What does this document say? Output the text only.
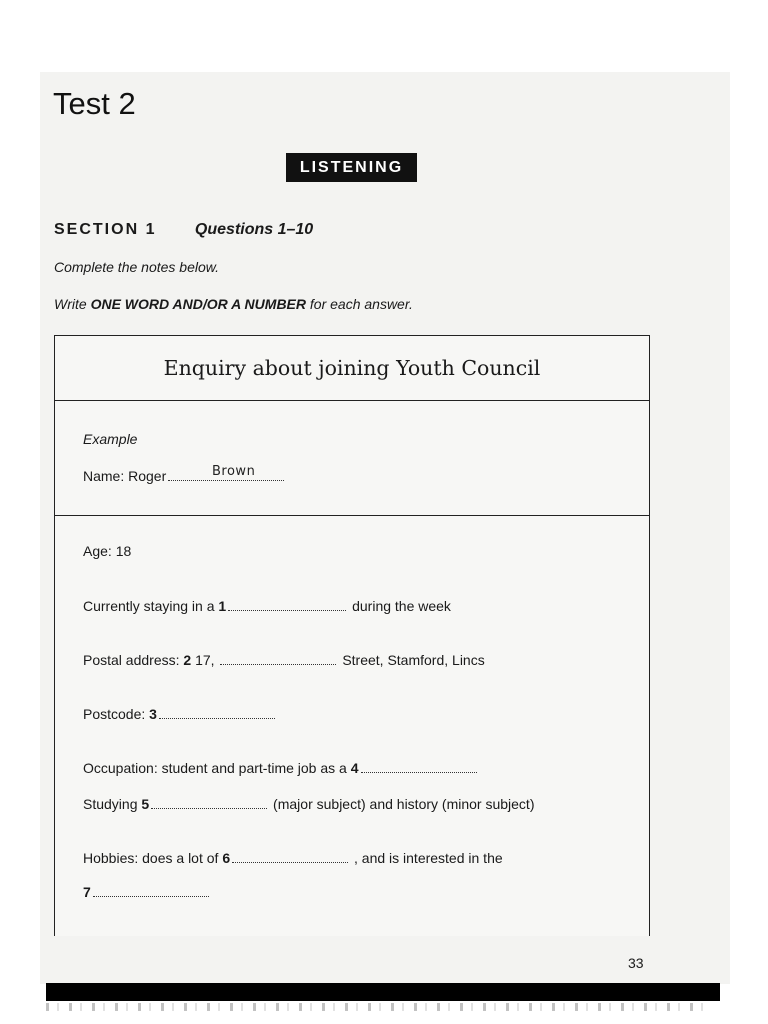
Test 2
LISTENING
SECTION 1 Questions 1–10
Complete the notes below.
Write ONE WORD AND/OR A NUMBER for each answer.
Enquiry about joining Youth Council
Example
Name: Roger	Brown
Age: 18
Currently staying in a 1	during the week
Postal address: 2 17,	Street, Stamford, Lincs
Postcode: 3
Occupation: student and part-time job as a 4
Studying 5	(major subject) and history (minor subject)
Hobbies: does a lot of 6	, and is interested in the
7
33
